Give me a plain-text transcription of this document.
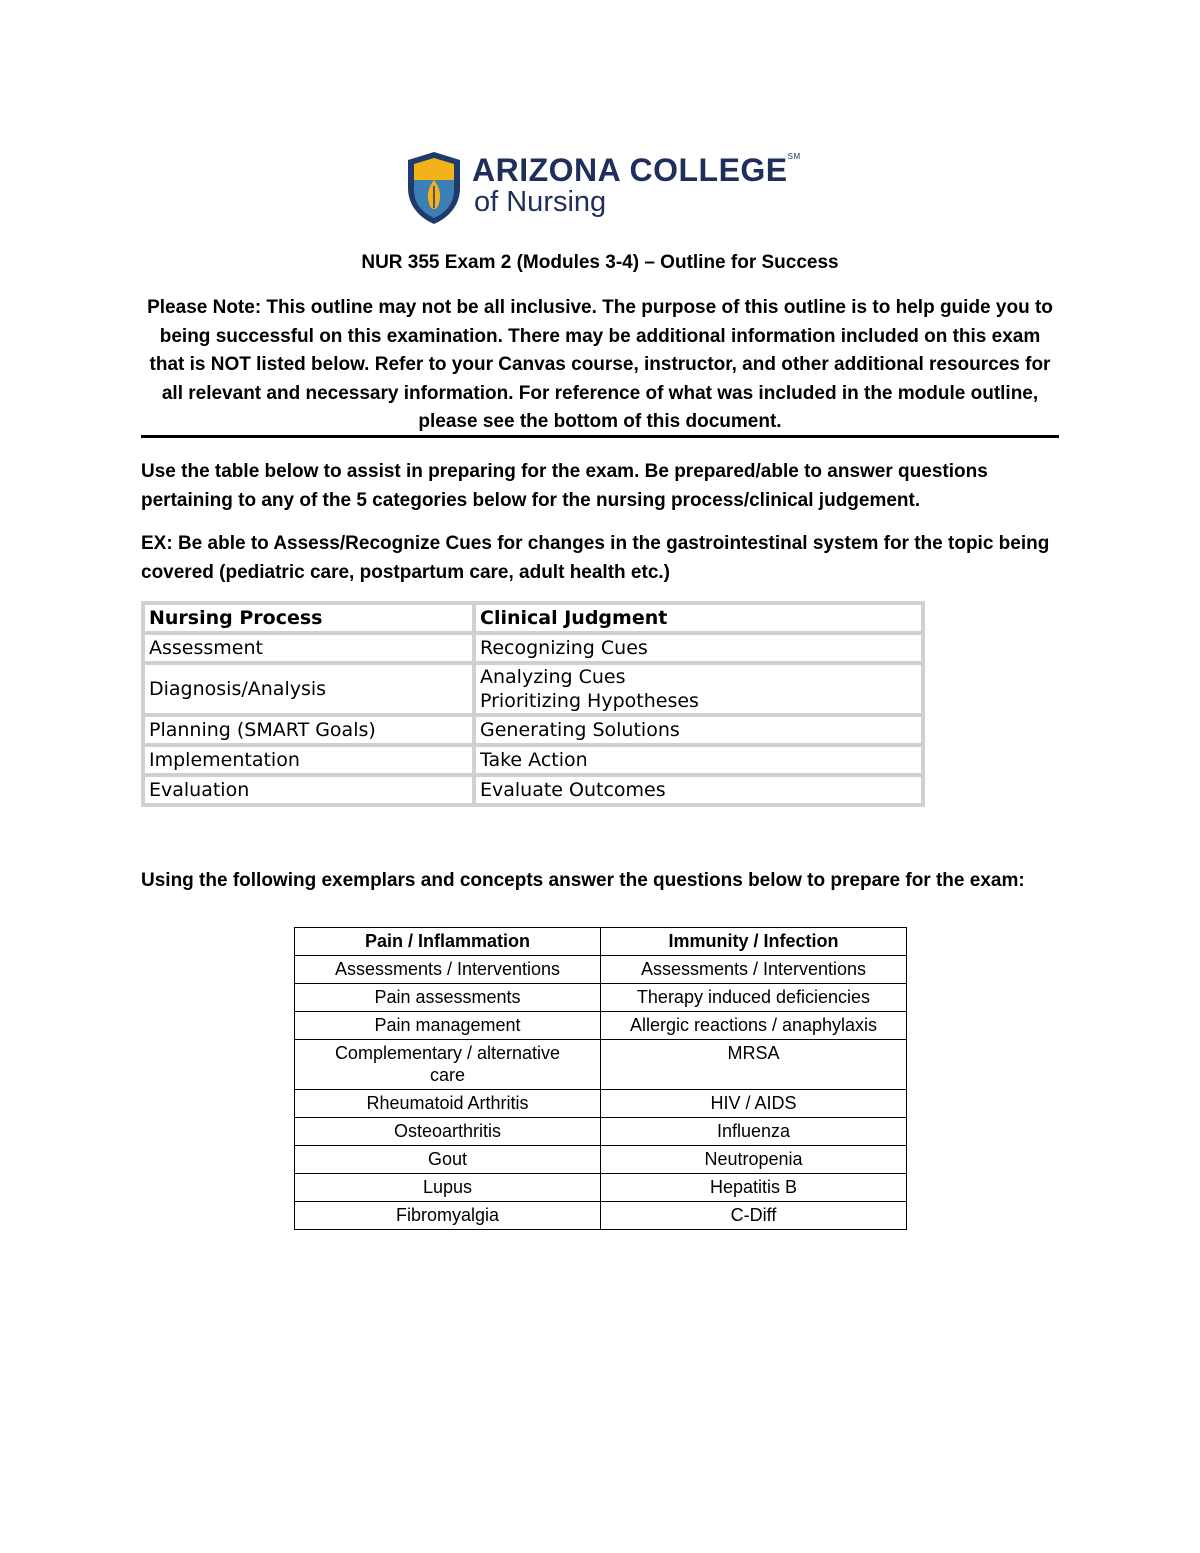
ARIZONA COLLEGE℠
of Nursing
NUR 355 Exam 2 (Modules 3-4) – Outline for Success
Please Note: This outline may not be all inclusive. The purpose of this outline is to help guide you to being successful on this examination. There may be additional information included on this exam that is NOT listed below. Refer to your Canvas course, instructor, and other additional resources for all relevant and necessary information. For reference of what was included in the module outline, please see the bottom of this document.
Use the table below to assist in preparing for the exam. Be prepared/able to answer questions pertaining to any of the 5 categories below for the nursing process/clinical judgement.
EX: Be able to Assess/Recognize Cues for changes in the gastrointestinal system for the topic being covered (pediatric care, postpartum care, adult health etc.)
Nursing Process	Clinical Judgment
Assessment	Recognizing Cues
Diagnosis/Analysis	Analyzing Cues
Prioritizing Hypotheses

Planning (SMART Goals)	Generating Solutions
Implementation	Take Action
Evaluation	Evaluate Outcomes
Using the following exemplars and concepts answer the questions below to prepare for the exam:
Pain / Inflammation	Immunity / Infection
Assessments / Interventions	Assessments / Interventions
Pain assessments	Therapy induced deficiencies
Pain management	Allergic reactions / anaphylaxis
Complementary / alternative care	MRSA
Rheumatoid Arthritis	HIV / AIDS
Osteoarthritis	Influenza
Gout	Neutropenia
Lupus	Hepatitis B
Fibromyalgia	C-Diff
